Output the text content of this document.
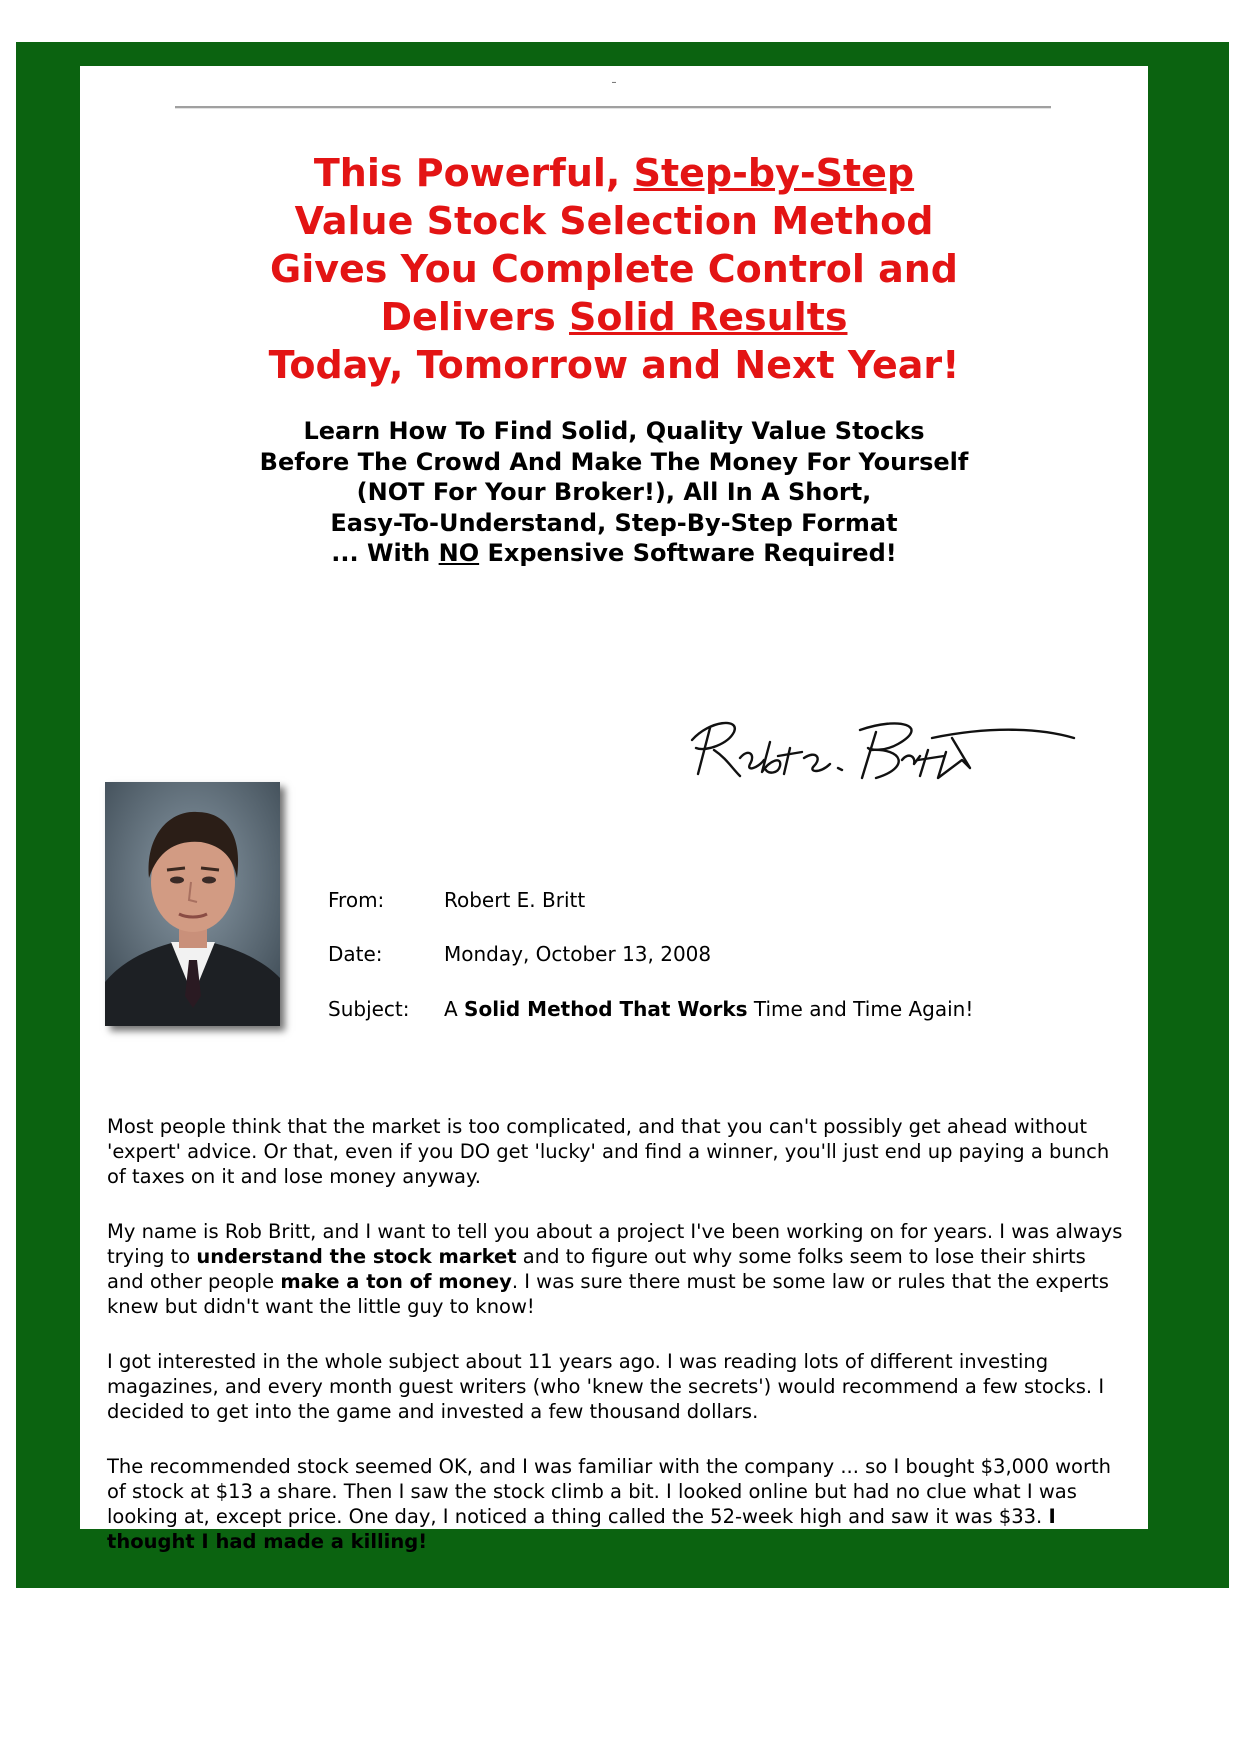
–
This Powerful, Step-by-Step
Value Stock Selection Method
Gives You Complete Control and
Delivers Solid Results
Today, Tomorrow and Next Year!
Learn How To Find Solid, Quality Value Stocks
Before The Crowd And Make The Money For Yourself
(NOT For Your Broker!), All In A Short,
Easy-To-Understand, Step-By-Step Format
... With NO Expensive Software Required!
From:	Robert E. Britt
Date:	Monday, October 13, 2008
Subject: A Solid Method That Works Time and Time Again!

Most people think that the market is too complicated, and that you can't possibly get ahead without 'expert' advice. Or that, even if you DO get 'lucky' and find a winner, you'll just end up paying a bunch of taxes on it and lose money anyway.

My name is Rob Britt, and I want to tell you about a project I've been working on for years. I was always trying to understand the stock market and to figure out why some folks seem to lose their shirts and other people make a ton of money. I was sure there must be some law or rules that the experts knew but didn't want the little guy to know!

I got interested in the whole subject about 11 years ago. I was reading lots of different investing magazines, and every month guest writers (who 'knew the secrets') would recommend a few stocks. I decided to get into the game and invested a few thousand dollars.

The recommended stock seemed OK, and I was familiar with the company ... so I bought $3,000 worth of stock at $13 a share. Then I saw the stock climb a bit. I looked online but had no clue what I was looking at, except price. One day, I noticed a thing called the 52-week high and saw it was $33. I thought I had made a killing!
